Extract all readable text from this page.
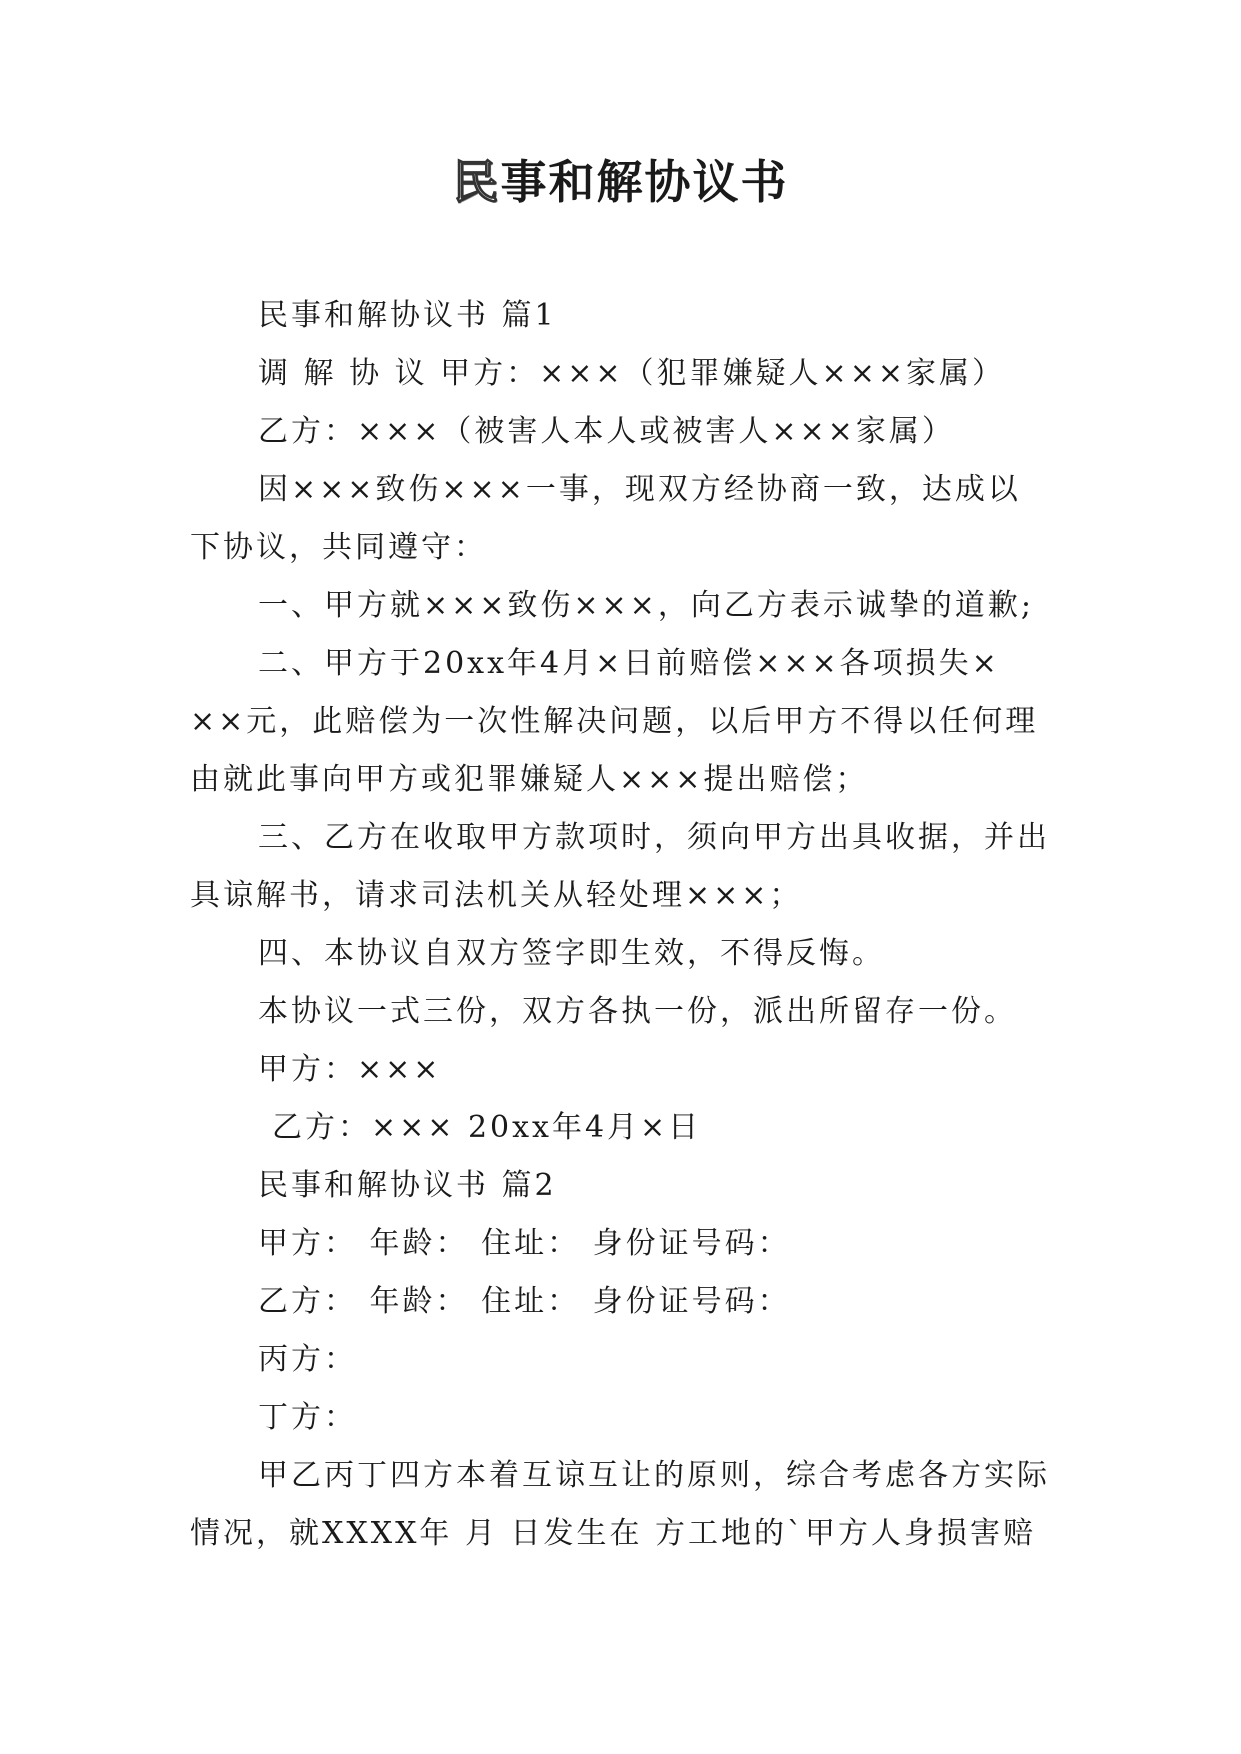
民事和解协议书

民事和解协议书 篇1

调 解 协 议 甲方：×××（犯罪嫌疑人×××家属）

乙方：×××（被害人本人或被害人×××家属）

因×××致伤×××一事，现双方经协商一致，达成以

下协议，共同遵守：

一、甲方就×××致伤×××，向乙方表示诚挚的道歉;

二、甲方于20xx年4月×日前赔偿×××各项损失×

××元，此赔偿为一次性解决问题，以后甲方不得以任何理

由就此事向甲方或犯罪嫌疑人×××提出赔偿；

三、乙方在收取甲方款项时，须向甲方出具收据，并出

具谅解书，请求司法机关从轻处理×××；

四、本协议自双方签字即生效，不得反悔。

本协议一式三份，双方各执一份，派出所留存一份。

甲方：×××

乙方：××× 20xx年4月×日

民事和解协议书 篇2

甲方： 年龄： 住址： 身份证号码：

乙方： 年龄： 住址： 身份证号码：

丙方：

丁方：

甲乙丙丁四方本着互谅互让的原则，综合考虑各方实际

情况，就XXXX年 月 日发生在 方工地的`甲方人身损害赔
